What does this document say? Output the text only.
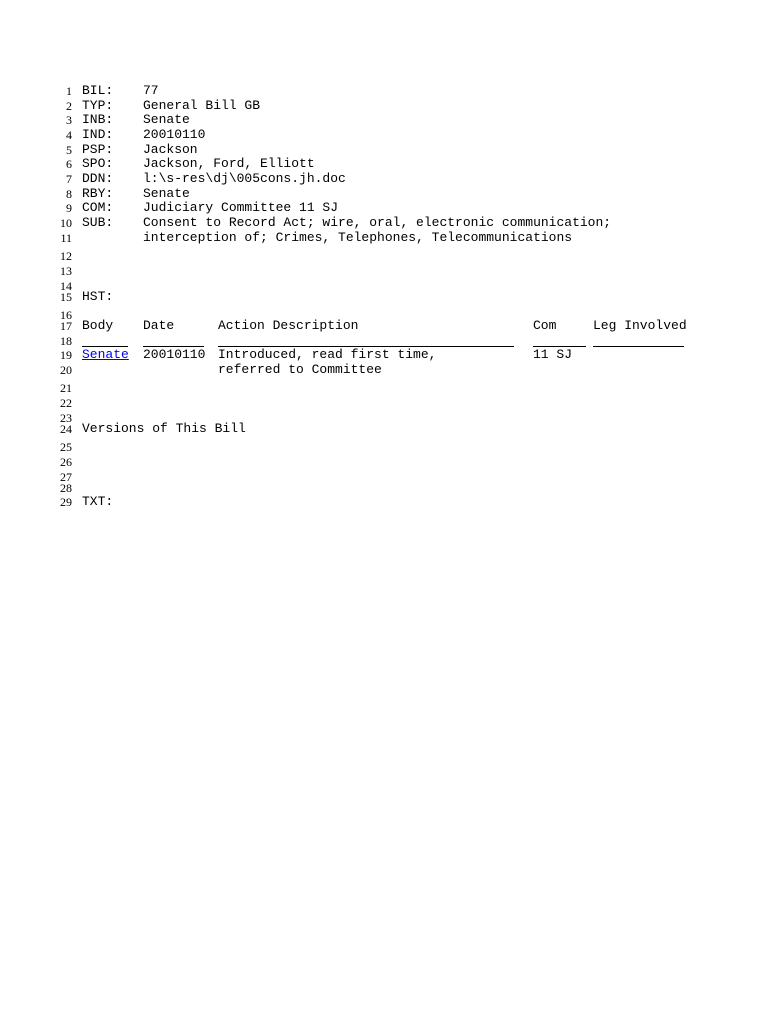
1
2
3
4
5
6
7
8
9
10
11
12
13
14
15
16
17
18
19
20
21
22
23
24
25
26
27
28
29
BIL: 77
TYP: General Bill GB
INB: Senate
IND: 20010110
PSP: Jackson
SPO: Jackson, Ford, Elliott
DDN: l:\s-res\dj\005cons.jh.doc
RBY: Senate
COM: Judiciary Committee 11 SJ
SUB: Consent to Record Act; wire, oral, electronic communication;
interception of; Crimes, Telephones, Telecommunications
HST:
Body Date	Action Description	Com	Leg Involved
Senate 20010110 Introduced, read first time,	11 SJ
referred to Committee
Versions of This Bill
TXT:
